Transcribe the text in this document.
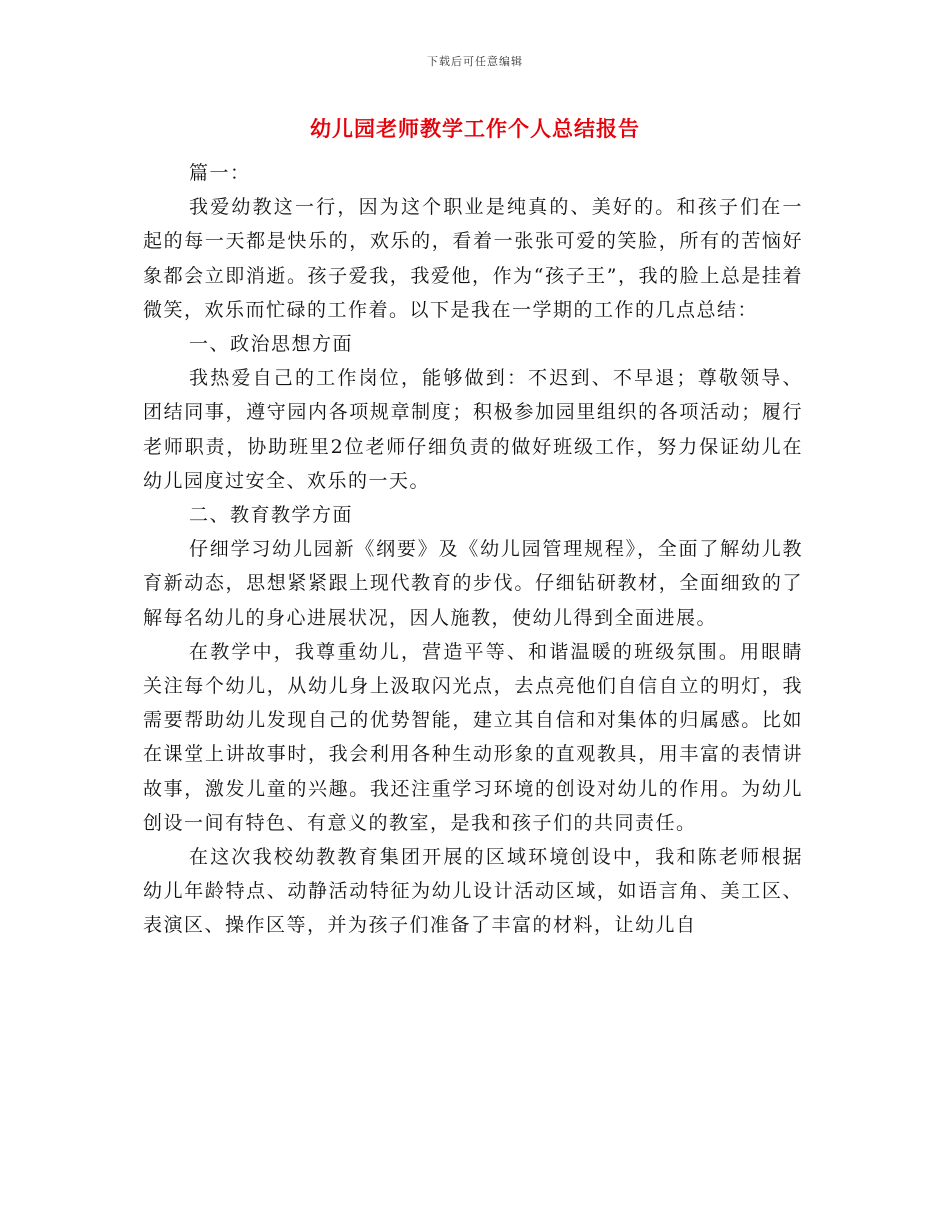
下载后可任意编辑
幼儿园老师教学工作个人总结报告

篇一：

我爱幼教这一行，因为这个职业是纯真的、美好的。和孩子们在一起的每一天都是快乐的，欢乐的，看着一张张可爱的笑脸，所有的苦恼好象都会立即消逝。孩子爱我，我爱他，作为“孩子王”，我的脸上总是挂着微笑，欢乐而忙碌的工作着。以下是我在一学期的工作的几点总结：

一、政治思想方面

我热爱自己的工作岗位，能够做到：不迟到、不早退；尊敬领导、团结同事，遵守园内各项规章制度；积极参加园里组织的各项活动；履行老师职责，协助班里2位老师仔细负责的做好班级工作，努力保证幼儿在幼儿园度过安全、欢乐的一天。

二、教育教学方面

仔细学习幼儿园新《纲要》及《幼儿园管理规程》，全面了解幼儿教育新动态，思想紧紧跟上现代教育的步伐。仔细钻研教材，全面细致的了解每名幼儿的身心进展状况，因人施教，使幼儿得到全面进展。

在教学中，我尊重幼儿，营造平等、和谐温暖的班级氛围。用眼睛关注每个幼儿，从幼儿身上汲取闪光点，去点亮他们自信自立的明灯，我需要帮助幼儿发现自己的优势智能，建立其自信和对集体的归属感。比如在课堂上讲故事时，我会利用各种生动形象的直观教具，用丰富的表情讲故事，激发儿童的兴趣。我还注重学习环境的创设对幼儿的作用。为幼儿创设一间有特色、有意义的教室，是我和孩子们的共同责任。

在这次我校幼教教育集团开展的区域环境创设中，我和陈老师根据幼儿年龄特点、动静活动特征为幼儿设计活动区域，如语言角、美工区、表演区、操作区等，并为孩子们准备了丰富的材料，让幼儿自
